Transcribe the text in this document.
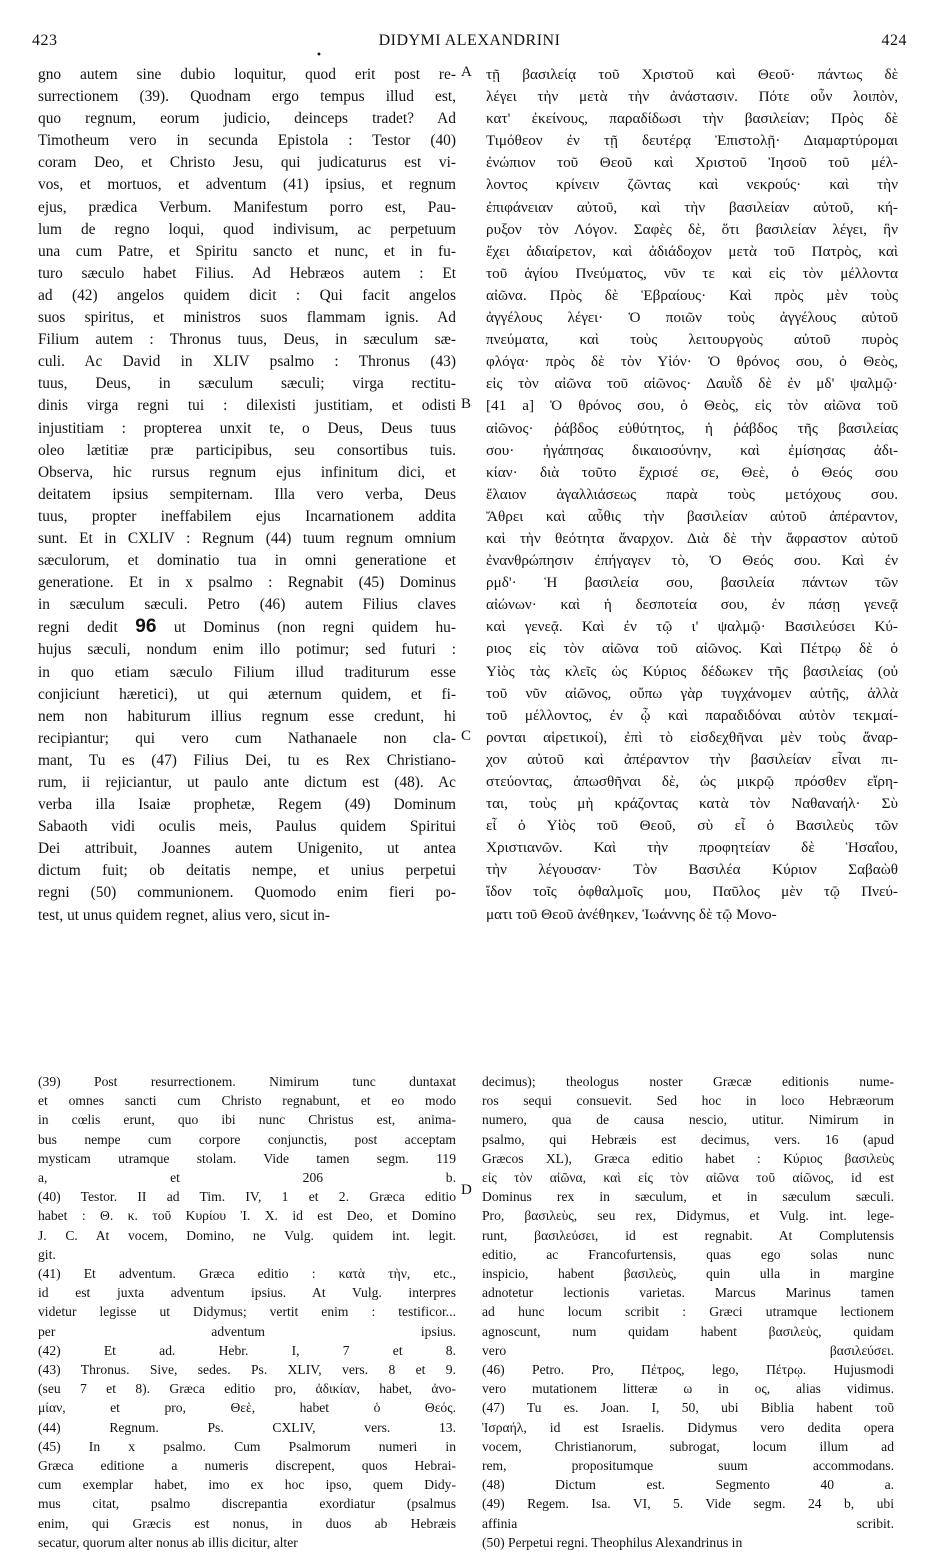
423	DIDYMI ALEXANDRINI	424
•
A
B
C
D
gno autem sine dubio loquitur, quod erit post re-
surrectionem (39). Quodnam ergo tempus illud est,
quo regnum, eorum judicio, deinceps tradet? Ad
Timotheum vero in secunda Epistola : Testor (40)
coram Deo, et Christo Jesu, qui judicaturus est vi-
vos, et mortuos, et adventum (41) ipsius, et regnum
ejus, prædica Verbum. Manifestum porro est, Pau-
lum de regno loqui, quod indivisum, ac perpetuum
una cum Patre, et Spiritu sancto et nunc, et in fu-
turo sæculo habet Filius. Ad Hebræos autem : Et
ad (42) angelos quidem dicit : Qui facit angelos
suos spiritus, et ministros suos flammam ignis. Ad
Filium autem : Thronus tuus, Deus, in sæculum sæ-
culi. Ac David in XLIV psalmo : Thronus (43)
tuus, Deus, in sæculum sæculi; virga rectitu-
dinis virga regni tui : dilexisti justitiam, et odisti
injustitiam : propterea unxit te, o Deus, Deus tuus
oleo lætitiæ præ participibus, seu consortibus tuis.
Observa, hic rursus regnum ejus infinitum dici, et
deitatem ipsius sempiternam. Illa vero verba, Deus
tuus, propter ineffabilem ejus Incarnationem addita
sunt. Et in CXLIV : Regnum (44) tuum regnum omnium
sæculorum, et dominatio tua in omni generatione et
generatione. Et in x psalmo : Regnabit (45) Dominus
in sæculum sæculi. Petro (46) autem Filius claves
regni dedit 96 ut Dominus (non regni quidem hu-
hujus sæculi, nondum enim illo potimur; sed futuri :
in quo etiam sæculo Filium illud traditurum esse
conjiciunt hæretici), ut qui æternum quidem, et fi-
nem non habiturum illius regnum esse credunt, hi
recipiantur; qui vero cum Nathanaele non cla-
mant, Tu es (47) Filius Dei, tu es Rex Christiano-
rum, ii rejiciantur, ut paulo ante dictum est (48). Ac
verba illa Isaiæ prophetæ, Regem (49) Dominum
Sabaoth vidi oculis meis, Paulus quidem Spiritui
Dei attribuit, Joannes autem Unigenito, ut antea
dictum fuit; ob deitatis nempe, et unius perpetui
regni (50) communionem. Quomodo enim fieri po-
test, ut unus quidem regnet, alius vero, sicut in-
τῇ βασιλείᾳ τοῦ Χριστοῦ καὶ Θεοῦ· πάντως δὲ
λέγει τὴν μετὰ τὴν ἀνάστασιν. Πότε οὖν λοιπὸν,
κατ' ἐκείνους, παραδίδωσι τὴν βασιλείαν; Πρὸς δὲ
Τιμόθεον ἐν τῇ δευτέρᾳ Ἐπιστολῇ· Διαμαρτύρομαι
ἐνώπιον τοῦ Θεοῦ καὶ Χριστοῦ Ἰησοῦ τοῦ μέλ-
λοντος κρίνειν ζῶντας καὶ νεκρούς· καὶ τὴν
ἐπιφάνειαν αὐτοῦ, καὶ τὴν βασιλείαν αὐτοῦ, κή-
ρυξον τὸν Λόγον. Σαφὲς δὲ, ὅτι βασιλείαν λέγει, ἣν
ἔχει ἀδιαίρετον, καὶ ἀδιάδοχον μετὰ τοῦ Πατρὸς, καὶ
τοῦ ἁγίου Πνεύματος, νῦν τε καὶ εἰς τὸν μέλλοντα
αἰῶνα. Πρὸς δὲ Ἑβραίους· Καὶ πρὸς μὲν τοὺς
ἀγγέλους λέγει· Ὁ ποιῶν τοὺς ἀγγέλους αὐτοῦ
πνεύματα, καὶ τοὺς λειτουργοὺς αὐτοῦ πυρὸς
φλόγα· πρὸς δὲ τὸν Υἱόν· Ὁ θρόνος σου, ὁ Θεὸς,
εἰς τὸν αἰῶνα τοῦ αἰῶνος· Δαυῒδ δὲ ἐν μδ' ψαλμῷ·
[41 a] Ὁ θρόνος σου, ὁ Θεὸς, εἰς τὸν αἰῶνα τοῦ
αἰῶνος· ῥάβδος εὐθύτητος, ἡ ῥάβδος τῆς βασιλείας
σου· ἠγάπησας δικαιοσύνην, καὶ ἐμίσησας ἀδι-
κίαν· διὰ τοῦτο ἔχρισέ σε, Θεὲ, ὁ Θεός σου
ἔλαιον ἀγαλλιάσεως παρὰ τοὺς μετόχους σου.
Ἄθρει καὶ αὖθις τὴν βασιλείαν αὐτοῦ ἀπέραντον,
καὶ τὴν θεότητα ἄναρχον. Διὰ δὲ τὴν ἄφραστον αὐτοῦ
ἐνανθρώπησιν ἐπήγαγεν τὸ, Ὁ Θεός σου. Καὶ ἐν
ρμδ'· Ἡ βασιλεία σου, βασιλεία πάντων τῶν
αἰώνων· καὶ ἡ δεσποτεία σου, ἐν πάσῃ γενεᾷ
καὶ γενεᾷ. Καὶ ἐν τῷ ι' ψαλμῷ· Βασιλεύσει Κύ-
ριος εἰς τὸν αἰῶνα τοῦ αἰῶνος. Καὶ Πέτρῳ δὲ ὁ
Υἱὸς τὰς κλεῖς ὡς Κύριος δέδωκεν τῆς βασιλείας (οὐ
τοῦ νῦν αἰῶνος, οὔπω γὰρ τυγχάνομεν αὐτῆς, ἀλλὰ
τοῦ μέλλοντος, ἐν ᾧ καὶ παραδιδόναι αὐτὸν τεκμαί-
ρονται αἱρετικοί), ἐπὶ τὸ εἰσδεχθῆναι μὲν τοὺς ἄναρ-
χον αὐτοῦ καὶ ἀπέραντον τὴν βασιλείαν εἶναι πι-
στεύοντας, ἀπωσθῆναι δὲ, ὡς μικρῷ πρόσθεν εἴρη-
ται, τοὺς μὴ κράζοντας κατὰ τὸν Ναθαναήλ· Σὺ
εἶ ὁ Υἱὸς τοῦ Θεοῦ, σὺ εἶ ὁ Βασιλεὺς τῶν
Χριστιανῶν. Καὶ τὴν προφητείαν δὲ Ἡσαΐου,
τὴν λέγουσαν· Τὸν Βασιλέα Κύριον Σαβαὼθ
ἴδον τοῖς ὀφθαλμοῖς μου, Παῦλος μὲν τῷ Πνεύ-
ματι τοῦ Θεοῦ ἀνέθηκεν, Ἰωάννης δὲ τῷ Μονο-
(39) Post resurrectionem. Nimirum tunc duntaxat
et omnes sancti cum Christo regnabunt, et eo modo
in cœlis erunt, quo ibi nunc Christus est, anima-
bus nempe cum corpore conjunctis, post acceptam
mysticam utramque stolam. Vide tamen segm. 119
a, et 206 b.
(40) Testor. II ad Tim. IV, 1 et 2. Græca editio
habet : Θ. κ. τοῦ Κυρίου Ἰ. Χ. id est Deo, et Domino
J. C. At vocem, Domino, ne Vulg. quidem int. legit.
git.
(41) Et adventum. Græca editio : κατὰ τὴν, etc.,
id est juxta adventum ipsius. At Vulg. interpres
videtur legisse ut Didymus; vertit enim : testificor...
per adventum ipsius.
(42) Et ad. Hebr. I, 7 et 8.
(43) Thronus. Sive, sedes. Ps. XLIV, vers. 8 et 9.
(seu 7 et 8). Græca editio pro, ἀδικίαν, habet, ἀνο-
μίαν, et pro, Θεὲ, habet ὁ Θεός.
(44) Regnum. Ps. CXLIV, vers. 13.
(45) In x psalmo. Cum Psalmorum numeri in
Græca editione a numeris discrepent, quos Hebrai-
cum exemplar habet, imo ex hoc ipso, quem Didy-
mus citat, psalmo discrepantia exordiatur (psalmus
enim, qui Græcis est nonus, in duos ab Hebræis
secatur, quorum alter nonus ab illis dicitur, alter
decimus); theologus noster Græcæ editionis nume-
ros sequi consuevit. Sed hoc in loco Hebræorum
numero, qua de causa nescio, utitur. Nimirum in
psalmo, qui Hebræis est decimus, vers. 16 (apud
Græcos XL), Græca editio habet : Κύριος βασιλεὺς
εἰς τὸν αἰῶνα, καὶ εἰς τὸν αἰῶνα τοῦ αἰῶνος, id est
Dominus rex in sæculum, et in sæculum sæculi.
Pro, βασιλεὺς, seu rex, Didymus, et Vulg. int. lege-
runt, βασιλεύσει, id est regnabit. At Complutensis
editio, ac Francofurtensis, quas ego solas nunc
inspicio, habent βασιλεὺς, quin ulla in margine
adnotetur lectionis varietas. Marcus Marinus tamen
ad hunc locum scribit : Græci utramque lectionem
agnoscunt, num quidam habent βασιλεὺς, quidam
vero βασιλεύσει.
(46) Petro. Pro, Πέτρος, lego, Πέτρῳ. Hujusmodi
vero mutationem litteræ ω in ος, alias vidimus.
(47) Tu es. Joan. I, 50, ubi Biblia habent τοῦ
Ἰσραήλ, id est Israelis. Didymus vero dedita opera
vocem, Christianorum, subrogat, locum illum ad
rem, propositumque suum accommodans.
(48) Dictum est. Segmento 40 a.
(49) Regem. Isa. VI, 5. Vide segm. 24 b, ubi
affinia scribit.
(50) Perpetui regni. Theophilus Alexandrinus in
